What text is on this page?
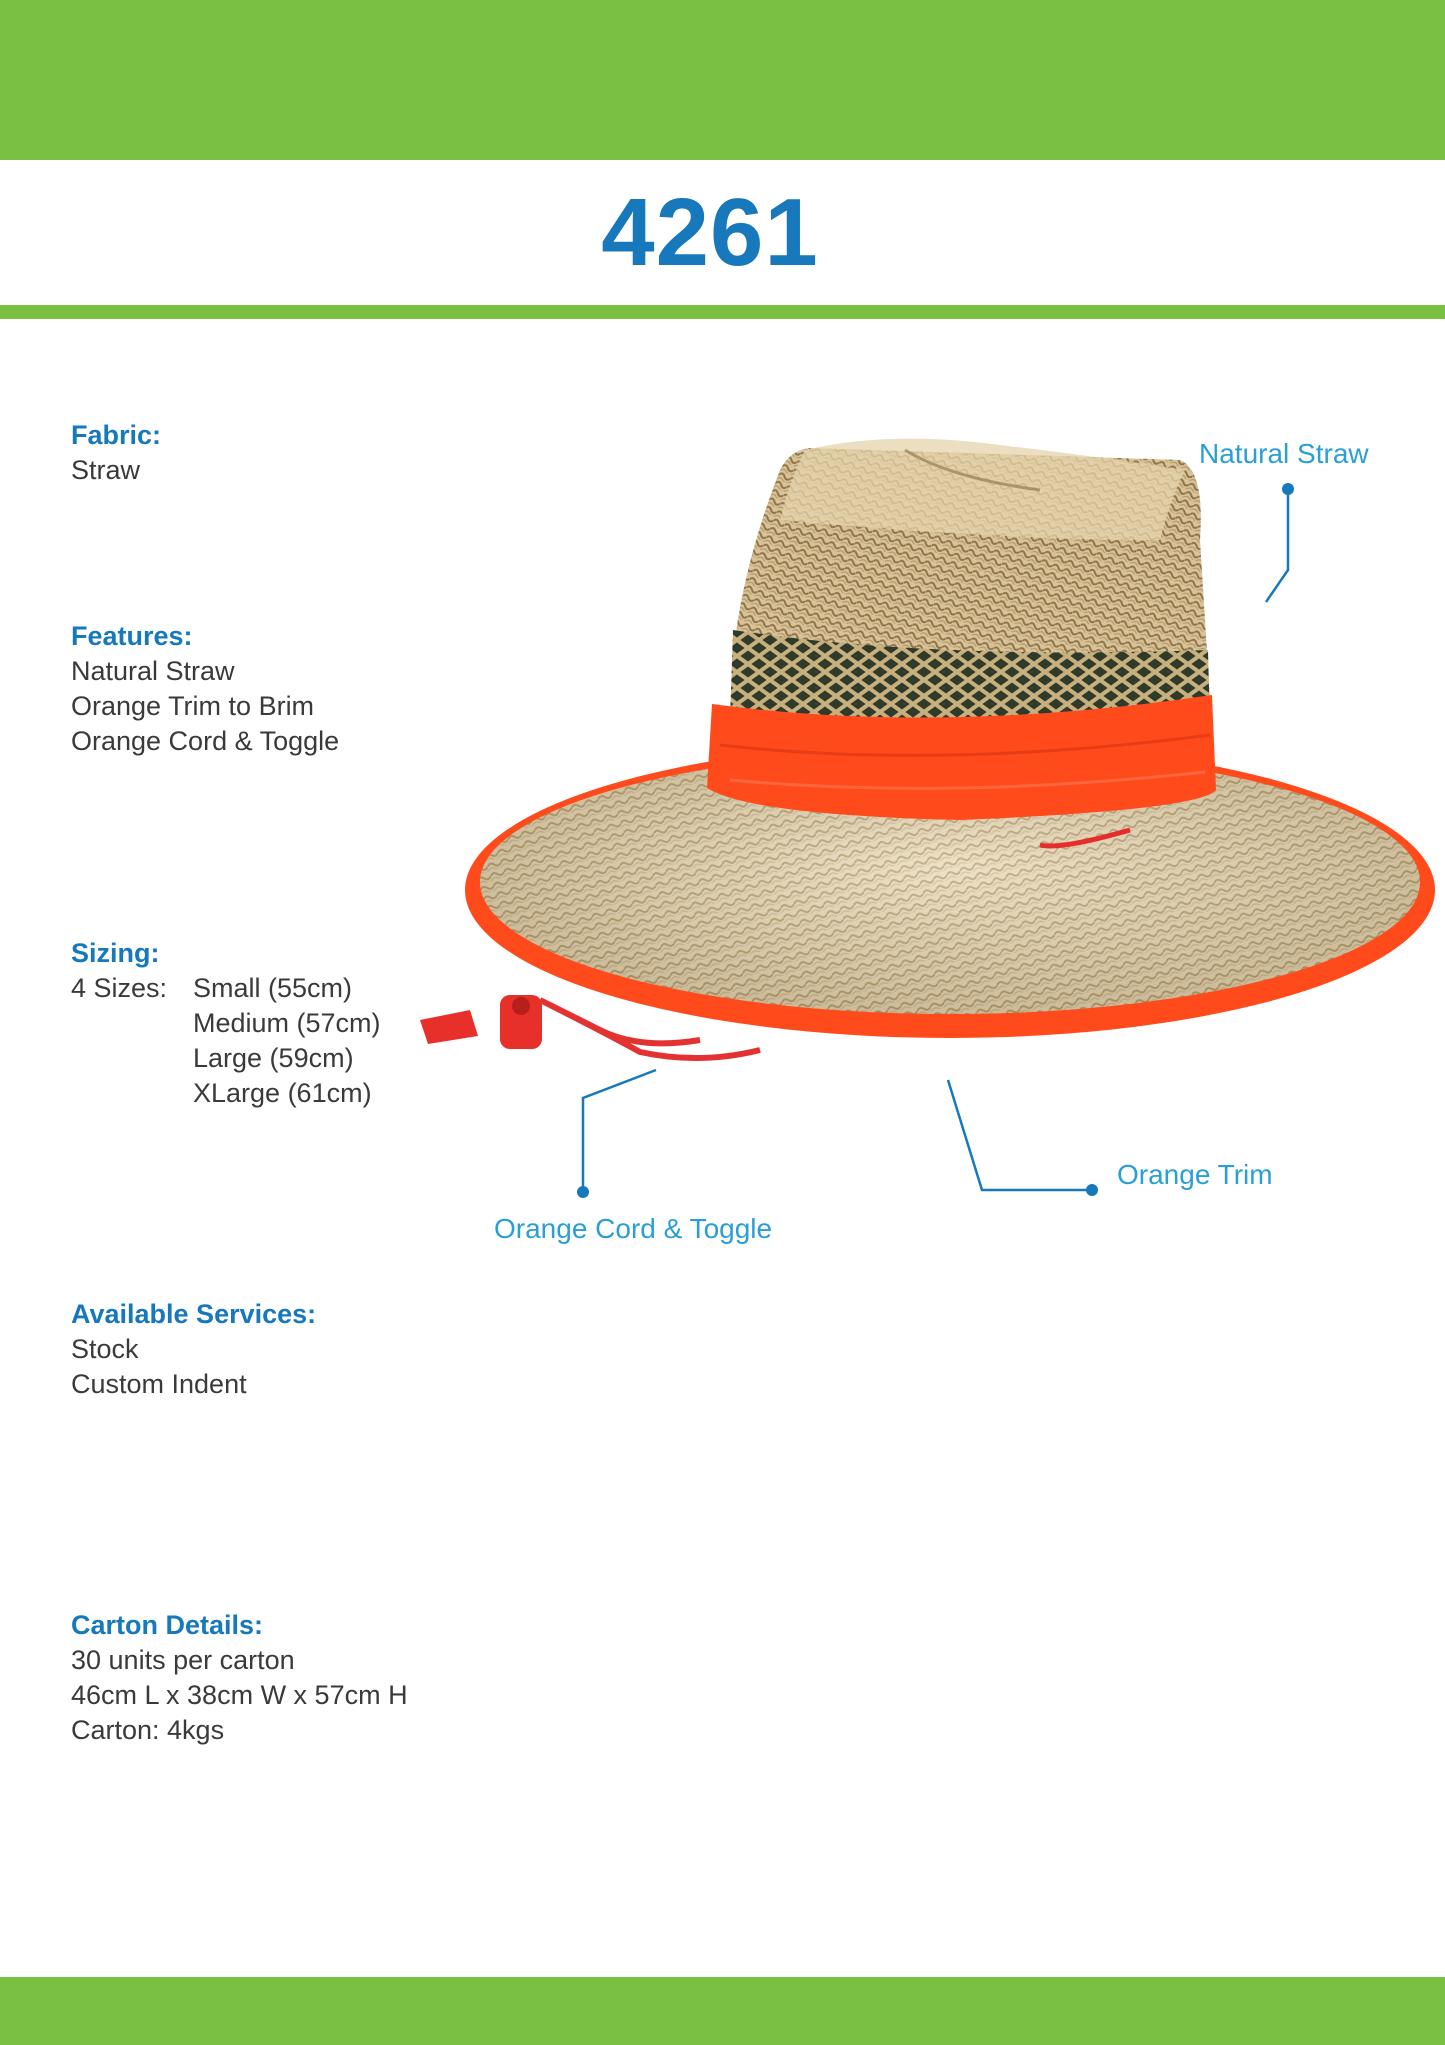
4261
Fabric:
Straw
Features:
Natural Straw
Orange Trim to Brim
Orange Cord & Toggle
Sizing:
4 Sizes: Small (55cm)
Medium (57cm)
Large (59cm)
XLarge (61cm)
Available Services:
Stock
Custom Indent
Carton Details:
30 units per carton
46cm L x 38cm W x 57cm H
Carton: 4kgs
Natural Straw
Orange Trim
Orange Cord & Toggle
